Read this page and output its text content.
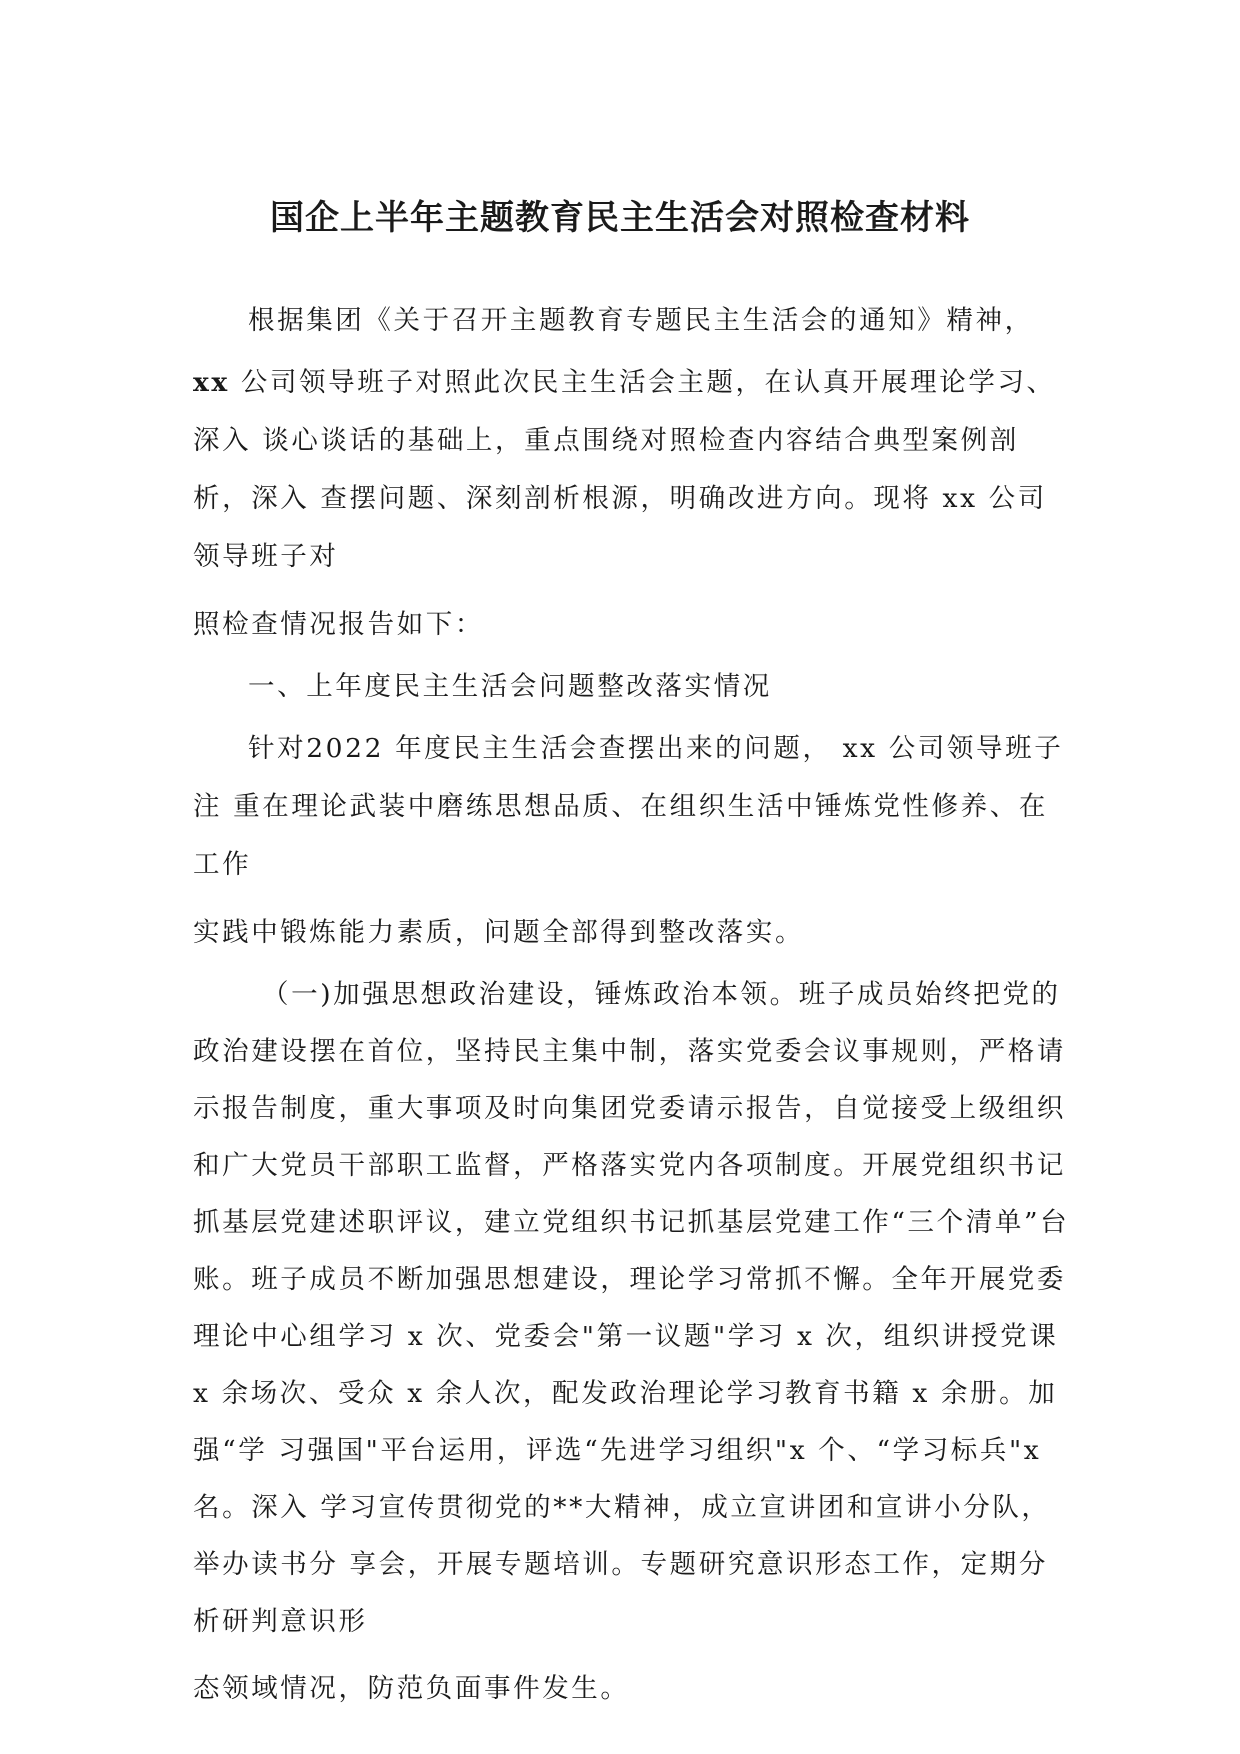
国企上半年主题教育民主生活会对照检查材料
根据集团《关于召开主题教育专题民主生活会的通知》精神，
xx 公司领导班子对照此次民主生活会主题，在认真开展理论学习、
深入 谈心谈话的基础上，重点围绕对照检查内容结合典型案例剖
析，深入 查摆问题、深刻剖析根源，明确改进方向。现将 xx 公司
领导班子对
照检查情况报告如下：
一、上年度民主生活会问题整改落实情况
针对2022 年度民主生活会查摆出来的问题， xx 公司领导班子
注 重在理论武装中磨练思想品质、在组织生活中锤炼党性修养、在
工作
实践中锻炼能力素质，问题全部得到整改落实。
（一)加强思想政治建设，锤炼政治本领。班子成员始终把党的
政治建设摆在首位，坚持民主集中制，落实党委会议事规则，严格请
示报告制度，重大事项及时向集团党委请示报告，自觉接受上级组织
和广大党员干部职工监督，严格落实党内各项制度。开展党组织书记
抓基层党建述职评议，建立党组织书记抓基层党建工作“三个清单”台
账。班子成员不断加强思想建设，理论学习常抓不懈。全年开展党委
理论中心组学习 x 次、党委会"第一议题"学习 x 次，组织讲授党课
x 余场次、受众 x 余人次，配发政治理论学习教育书籍 x 余册。加
强“学 习强国"平台运用，评选“先进学习组织"x 个、“学习标兵"x
名。深入 学习宣传贯彻党的**大精神，成立宣讲团和宣讲小分队，
举办读书分 享会，开展专题培训。专题研究意识形态工作，定期分
析研判意识形
态领域情况，防范负面事件发生。
